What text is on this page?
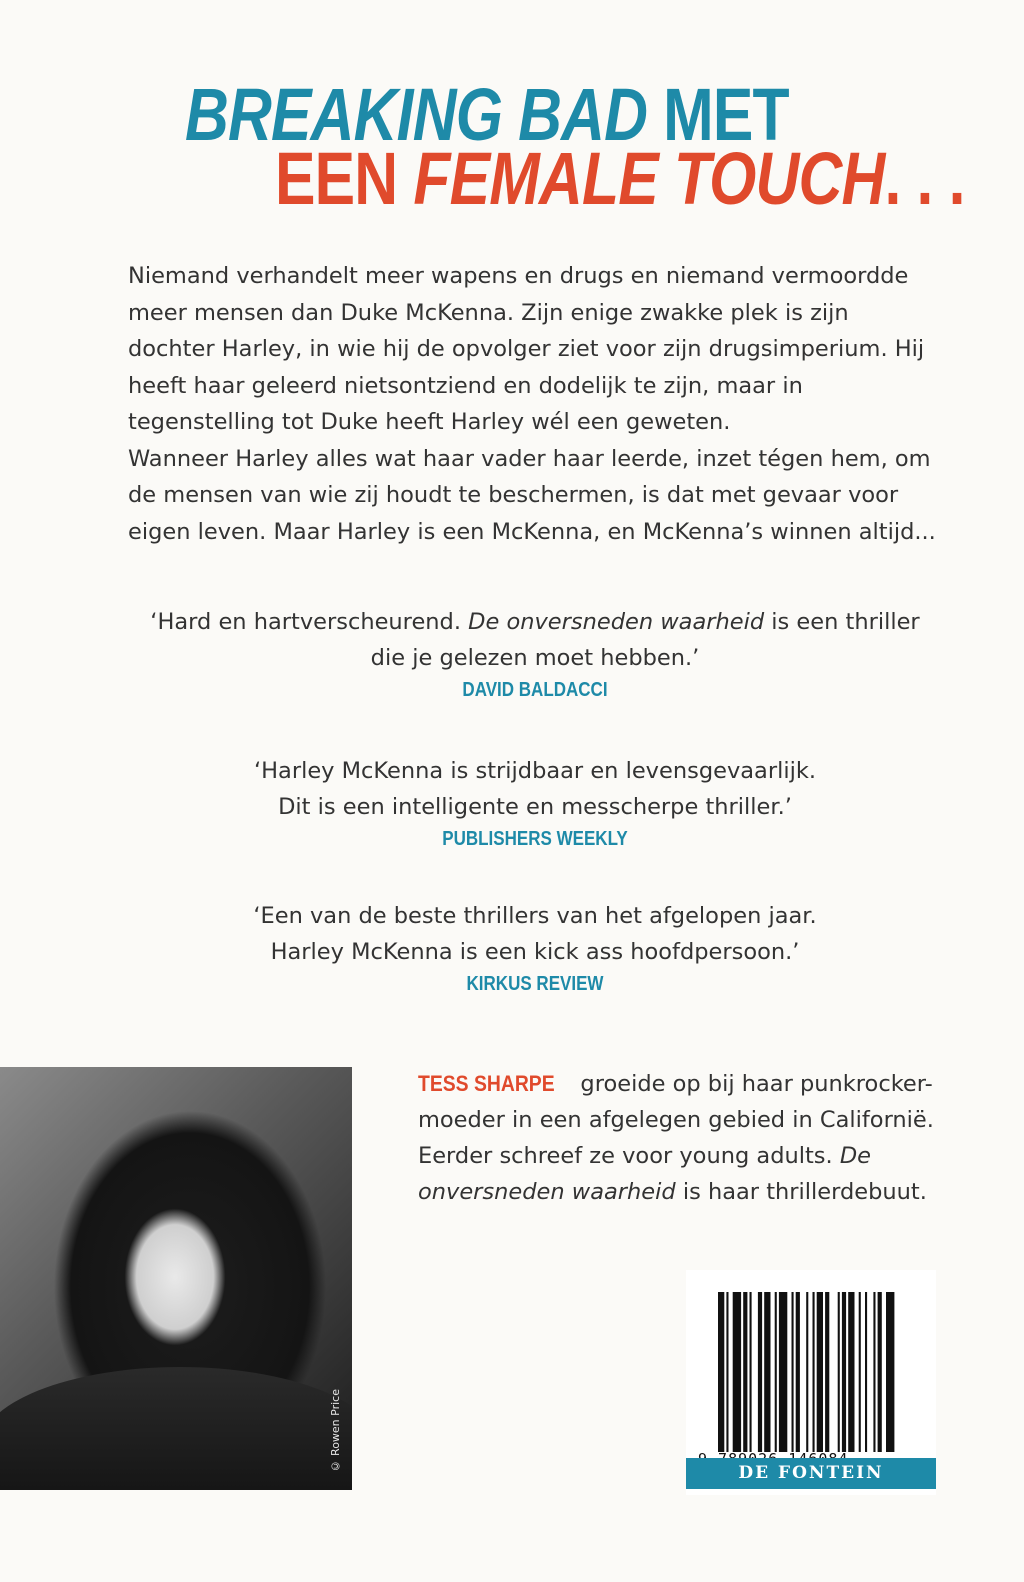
BREAKING BAD MET
EEN FEMALE TOUCH. . .

Niemand verhandelt meer wapens en drugs en niemand vermoordde meer mensen dan Duke McKenna. Zijn enige zwakke plek is zijn dochter Harley, in wie hij de opvolger ziet voor zijn drugsimperium. Hij heeft haar geleerd nietsontziend en dodelijk te zijn, maar in tegenstelling tot Duke heeft Harley wél een geweten.

Wanneer Harley alles wat haar vader haar leerde, inzet tégen hem, om de mensen van wie zij houdt te beschermen, is dat met gevaar voor eigen leven. Maar Harley is een McKenna, en McKenna’s winnen altijd...

‘Hard en hartverscheurend. De onversneden waarheid is een thriller die je gelezen moet hebben.’
DAVID BALDACCI
‘Harley McKenna is strijdbaar en levensgevaarlijk. Dit is een intelligente en messcherpe thriller.’
PUBLISHERS WEEKLY
‘Een van de beste thrillers van het afgelopen jaar. Harley McKenna is een kick ass hoofdpersoon.’
KIRKUS REVIEW
© Rowen Price
TESS SHARPE groeide op bij haar punkrocker-moeder in een afgelegen gebied in Californië. Eerder schreef ze voor young adults. De onversneden waarheid is haar thrillerdebuut.
DE FONTEIN
